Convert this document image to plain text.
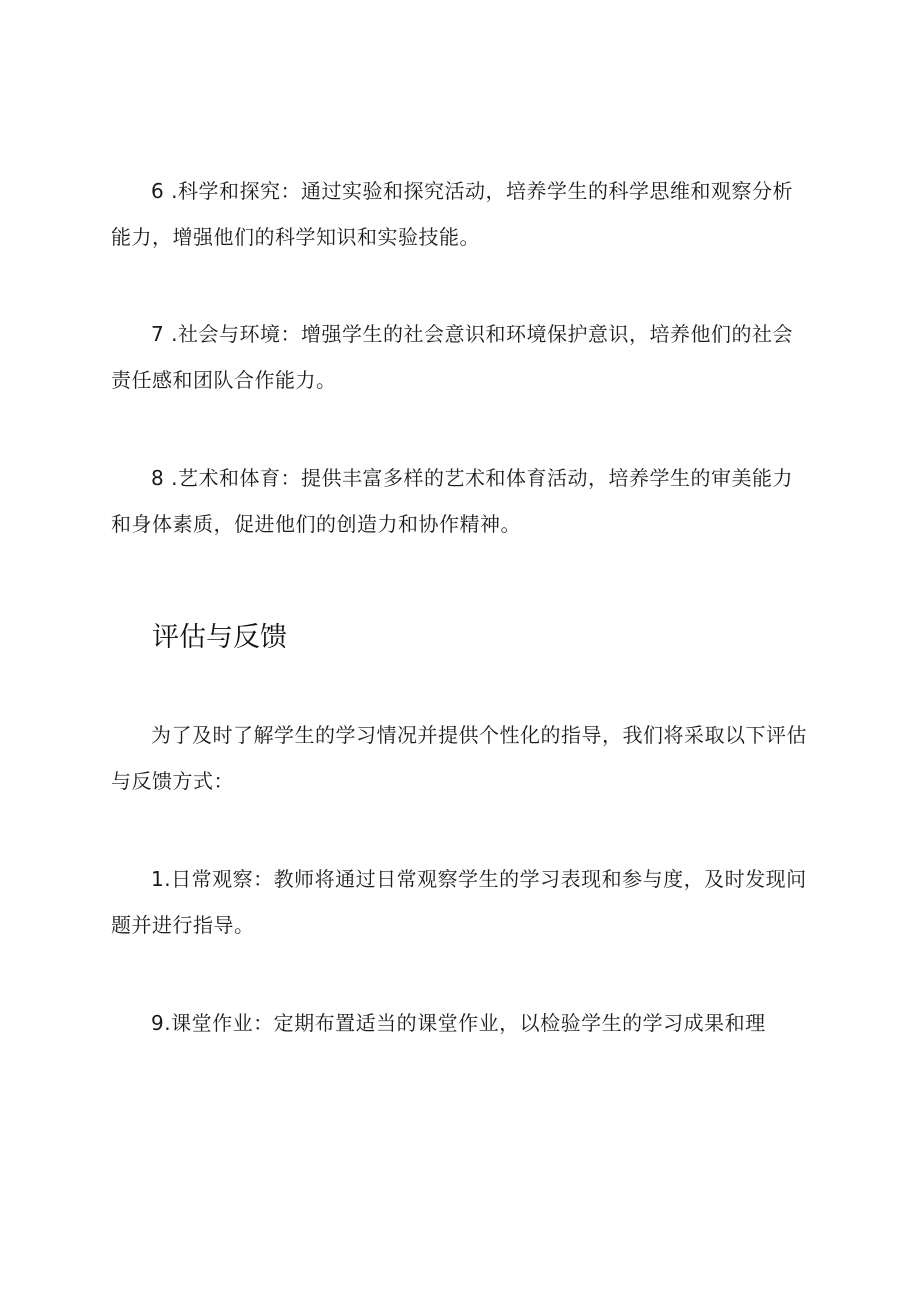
6 .科学和探究：通过实验和探究活动，培养学生的科学思维和观察分析能力，增强他们的科学知识和实验技能。

7 .社会与环境：增强学生的社会意识和环境保护意识，培养他们的社会责任感和团队合作能力。

8 .艺术和体育：提供丰富多样的艺术和体育活动，培养学生的审美能力和身体素质，促进他们的创造力和协作精神。

评估与反馈

为了及时了解学生的学习情况并提供个性化的指导，我们将采取以下评估与反馈方式：

1.日常观察：教师将通过日常观察学生的学习表现和参与度，及时发现问题并进行指导。

9.课堂作业：定期布置适当的课堂作业，以检验学生的学习成果和理
